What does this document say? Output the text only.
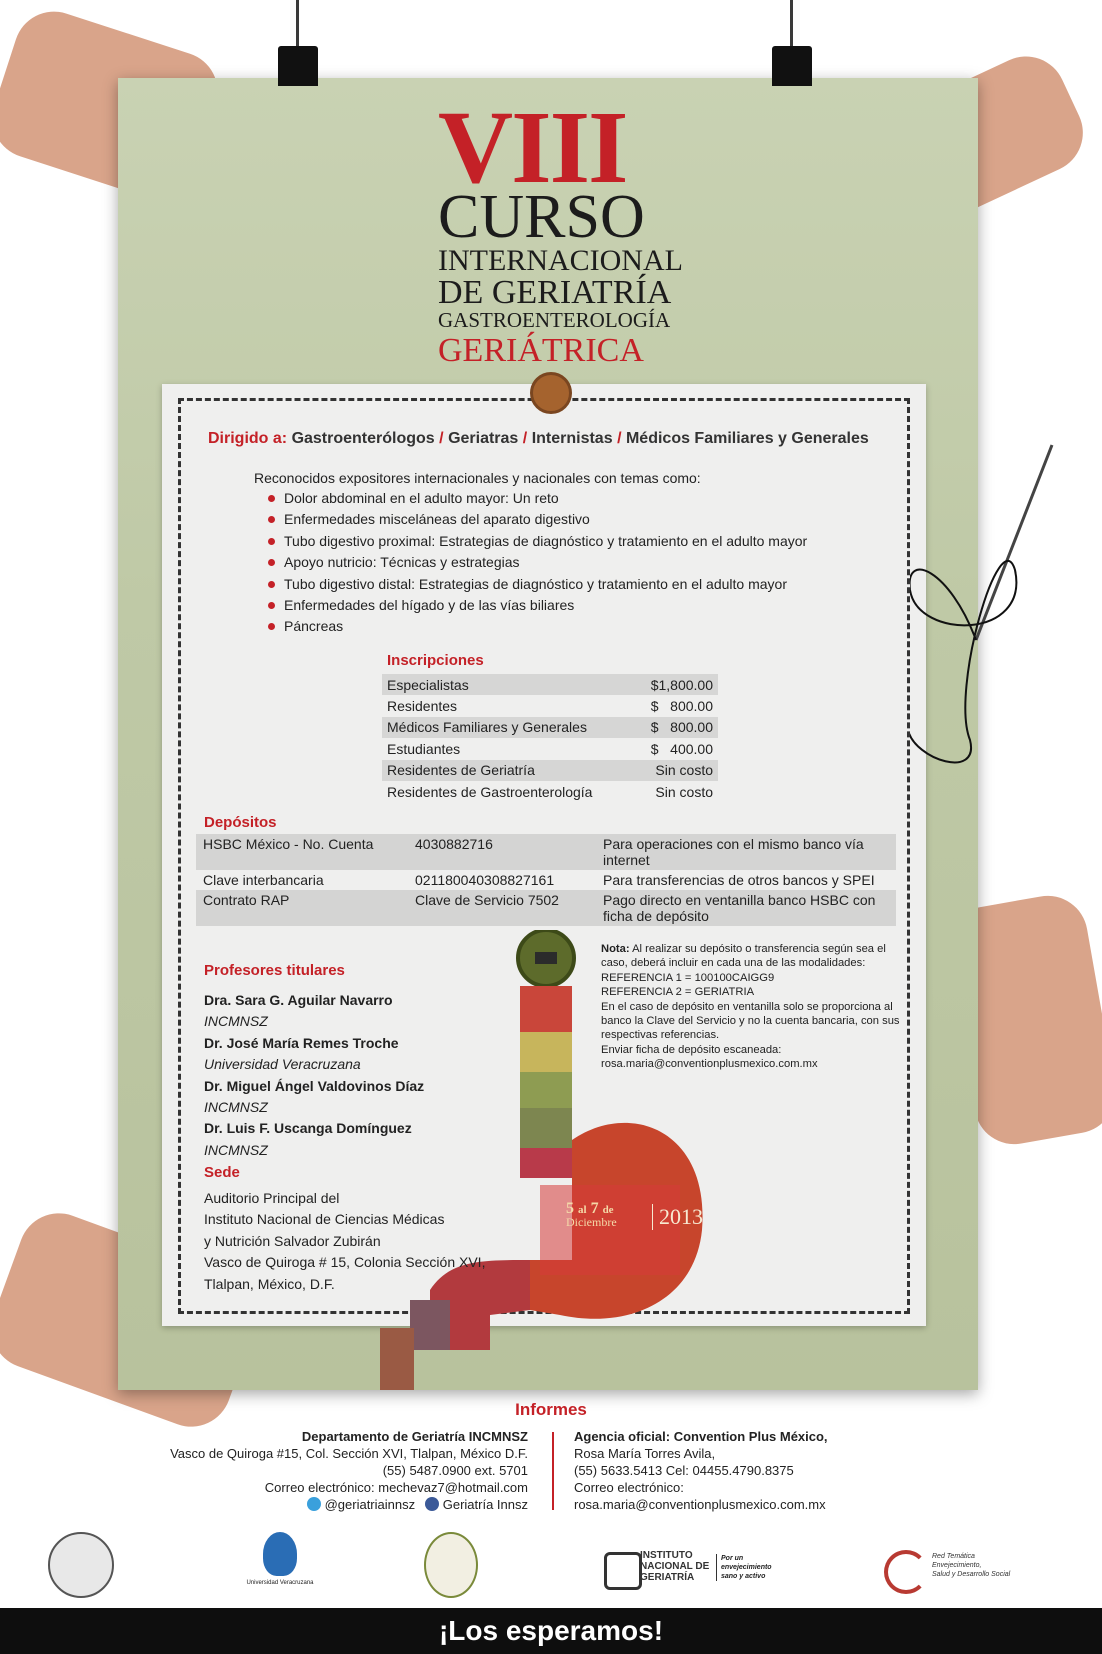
VIII
CURSO
INTERNACIONAL
DE GERIATRÍA
GASTROENTEROLOGÍA
GERIÁTRICA
Dirigido a: Gastroenterólogos / Geriatras / Internistas / Médicos Familiares y Generales
Reconocidos expositores internacionales y nacionales con temas como:
Dolor abdominal en el adulto mayor: Un reto
Enfermedades misceláneas del aparato digestivo
Tubo digestivo proximal: Estrategias de diagnóstico y tratamiento en el adulto mayor
Apoyo nutricio: Técnicas y estrategias
Tubo digestivo distal: Estrategias de diagnóstico y tratamiento en el adulto mayor
Enfermedades del hígado y de las vías biliares
Páncreas
Inscripciones
Especialistas	$1,800.00
Residentes	$   800.00
Médicos Familiares y Generales	$   800.00
Estudiantes	$   400.00
Residentes de Geriatría	Sin costo
Residentes de Gastroenterología	Sin costo
Depósitos
HSBC México - No. Cuenta	4030882716	Para operaciones con el mismo banco vía internet
Clave interbancaria	021180040308827161	Para transferencias de otros bancos y SPEI
Contrato RAP	Clave de Servicio 7502	Pago directo en ventanilla banco HSBC con ficha de depósito
5 al 7 de
Diciembre	2013
Nota: Al realizar su depósito o transferencia según sea el caso, deberá incluir en cada una de las modalidades:
REFERENCIA 1 = 100100CAIGG9
REFERENCIA 2 = GERIATRIA
En el caso de depósito en ventanilla solo se proporciona al banco la Clave del Servicio y no la cuenta bancaria, con sus respectivas referencias.
Enviar ficha de depósito escaneada:
rosa.maria@conventionplusmexico.com.mx
Profesores titulares
Dra. Sara G. Aguilar Navarro
INCMNSZ
Dr. José María Remes Troche
Universidad Veracruzana
Dr. Miguel Ángel Valdovinos Díaz
INCMNSZ
Dr. Luis F. Uscanga Domínguez
INCMNSZ
Sede
Auditorio Principal del
Instituto Nacional de Ciencias Médicas
y Nutrición Salvador Zubirán
Vasco de Quiroga # 15, Colonia Sección XVI,
Tlalpan, México, D.F.
Informes
Departamento de Geriatría INCMNSZ
Vasco de Quiroga #15, Col. Sección XVI, Tlalpan, México D.F.
(55) 5487.0900 ext. 5701
Correo electrónico: mechevaz7@hotmail.com
@geriatriainnsz Geriatría Innsz
Agencia oficial: Convention Plus México,
Rosa María Torres Avila,
(55) 5633.5413 Cel: 04455.4790.8375
Correo electrónico:
rosa.maria@conventionplusmexico.com.mx
Universidad Veracruzana
INSTITUTO
NACIONAL DE
GERIATRÍA
Por un
envejecimiento
sano y activo
Red Temática
Envejecimiento,
Salud y Desarrollo Social
¡Los esperamos!
